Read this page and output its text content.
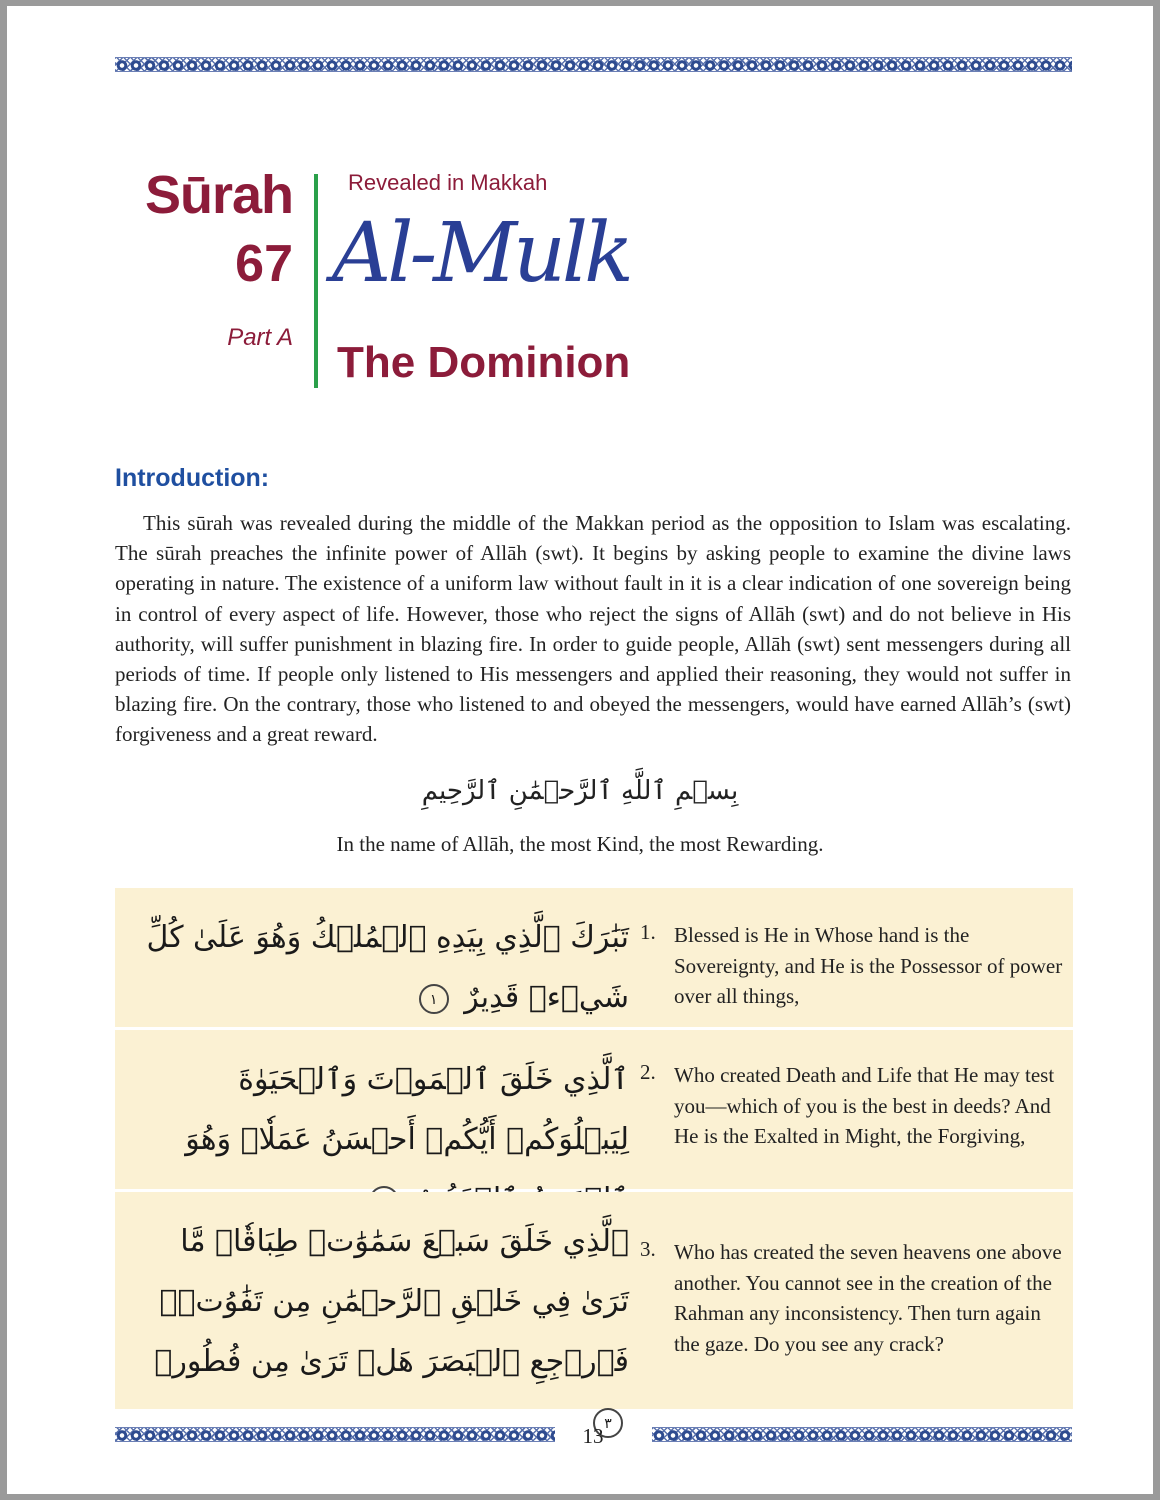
Sūrah
67
Part A
Revealed in Makkah
Al-Mulk
The Dominion
Introduction:

This sūrah was revealed during the middle of the Makkan period as the opposition to Islam was escalating. The sūrah preaches the infinite power of Allāh (swt). It begins by asking people to examine the divine laws operating in nature. The existence of a uniform law without fault in it is a clear indication of one sovereign being in control of every aspect of life. However, those who reject the signs of Allāh (swt) and do not believe in His authority, will suffer punishment in blazing fire. In order to guide people, Allāh (swt) sent messengers during all periods of time. If people only listened to His messengers and applied their reasoning, they would not suffer in blazing fire. On the contrary, those who listened to and obeyed the messengers, would have earned Allāh’s (swt) forgiveness and a great reward.

بِسۡمِ ٱللَّهِ ٱلرَّحۡمَٰنِ ٱلرَّحِيمِ
In the name of Allāh, the most Kind, the most Rewarding.
تَبَٰرَكَ ٱلَّذِي بِيَدِهِ ٱلۡمُلۡكُ وَهُوَ عَلَىٰ كُلِّ شَيۡءٖ قَدِيرٌ ١
1. Blessed is He in Whose hand is the Sovereignty, and He is the Possessor of power over all things,
ٱلَّذِي خَلَقَ ٱلۡمَوۡتَ وَٱلۡحَيَوٰةَ لِيَبۡلُوَكُمۡ أَيُّكُمۡ أَحۡسَنُ عَمَلٗاۚ وَهُوَ
2. Who created Death and Life that He may test you—which of you is the best in deeds? And He is the Exalted in Might, the Forgiving,
ٱلَّذِي خَلَقَ سَبۡعَ سَمَٰوَٰتٖ طِبَاقٗاۖ مَّا تَرَىٰ فِي خَلۡقِ ٱلرَّحۡمَٰنِ مِن تَفَٰوُتٖۖ فَٱرۡجِعِ ٱلۡبَصَرَ هَلۡ تَرَىٰ مِن فُطُورٖ ٣
3. Who has created the seven heavens one above another. You cannot see in the creation of the Rahman any inconsistency. Then turn again the gaze. Do you see any crack?
13
